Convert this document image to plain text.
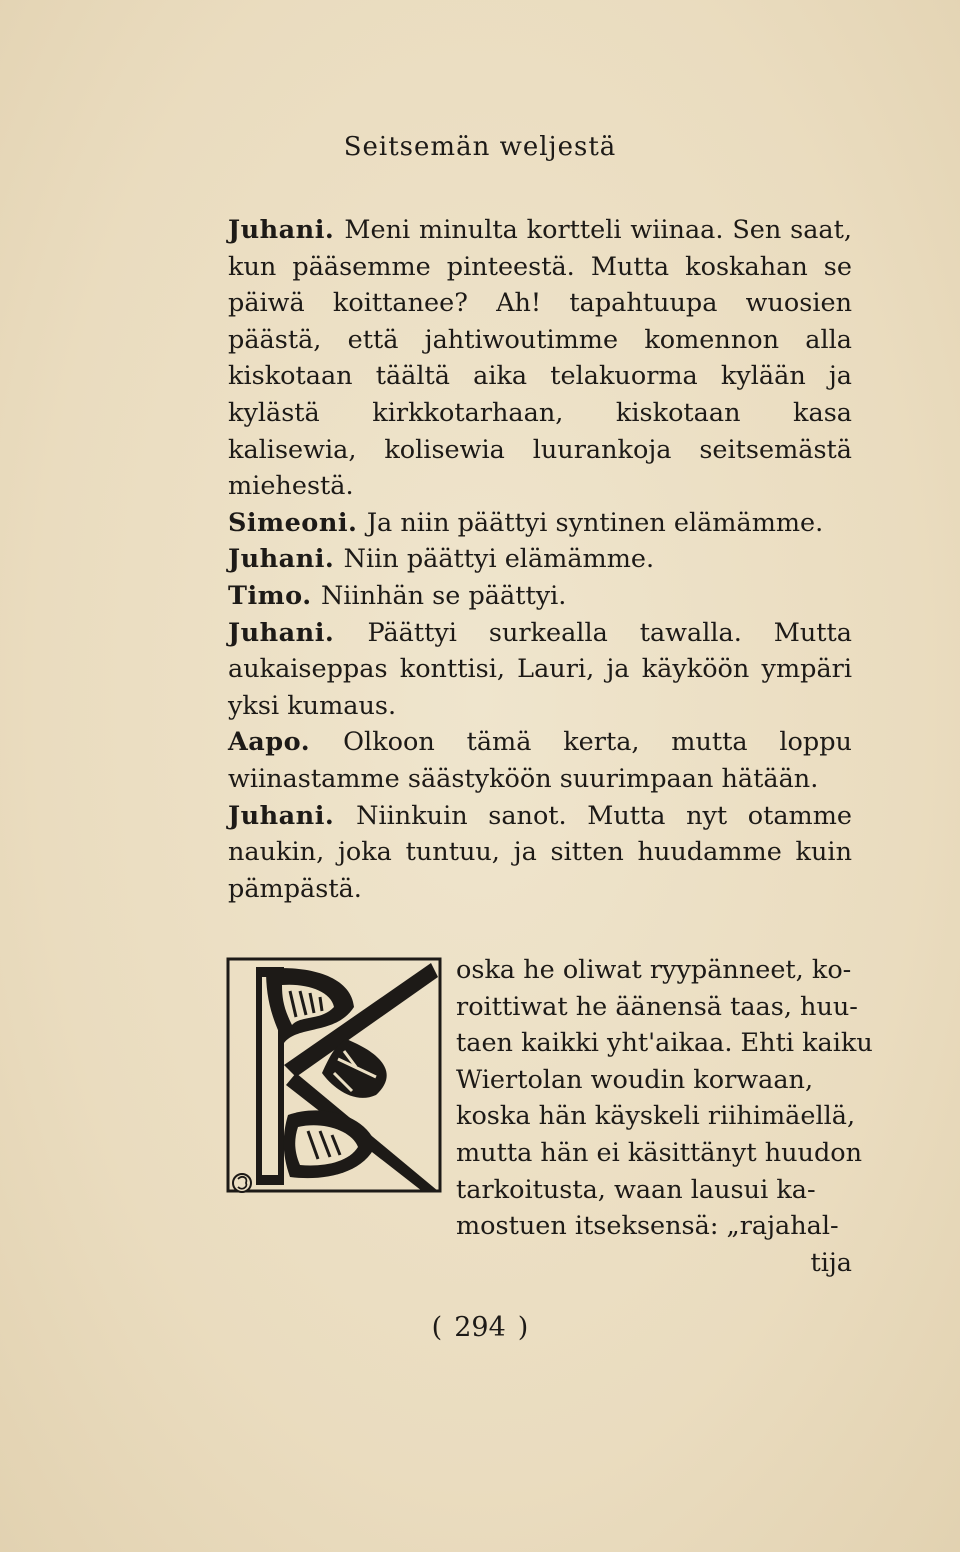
Seitsemän weljestä

Juhani. Meni minulta kortteli wiinaa. Sen saat, kun pääsemme pinteestä. Mutta koskahan se päiwä koittanee? Ah! tapahtuupa wuosien päästä, että jahtiwoutimme komennon alla kiskotaan täältä aika telakuorma kylään ja kylästä kirkkotarhaan, kiskotaan kasa kalisewia, kolisewia luurankoja seitsemästä miehestä.

Simeoni. Ja niin päättyi syntinen elämämme.

Juhani. Niin päättyi elämämme.

Timo. Niinhän se päättyi.

Juhani. Päättyi surkealla tawalla. Mutta aukaiseppas konttisi, Lauri, ja käyköön ympäri yksi kumaus.

Aapo. Olkoon tämä kerta, mutta loppu wiinastamme säästyköön suurimpaan hätään.

Juhani. Niinkuin sanot. Mutta nyt otamme naukin, joka tuntuu, ja sitten huudamme kuin pämpästä.

oska he oliwat ryypänneet, ko-
roittiwat he äänensä taas, huu-
taen kaikki yht'aikaa. Ehti kaiku
Wiertolan woudin korwaan,
koska hän käyskeli riihimäellä,
mutta hän ei käsittänyt huudon
tarkoitusta, waan lausui ka-
mostuen itseksensä: „rajahal-
tija
( 294 )
